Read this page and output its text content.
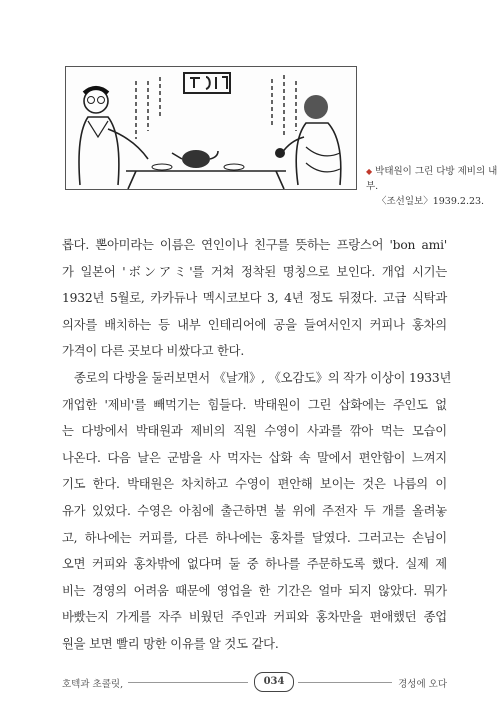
◆ 박태원이 그린 다방 제비의 내부.
〈조선일보〉1939.2.23.
롭다. 뽄아미라는 이름은 연인이나 친구를 뜻하는 프랑스어 'bon ami'
가 일본어 'ボンアミ'를 거쳐 정착된 명칭으로 보인다. 개업 시기는
1932년 5월로, 카카듀나 멕시코보다 3, 4년 정도 뒤졌다. 고급 식탁과
의자를 배치하는 등 내부 인테리어에 공을 들여서인지 커피나 홍차의
가격이 다른 곳보다 비쌌다고 한다.
종로의 다방을 둘러보면서 《날개》, 《오감도》의 작가 이상이 1933년
개업한 '제비'를 빼먹기는 힘들다. 박태원이 그린 삽화에는 주인도 없
는 다방에서 박태원과 제비의 직원 수영이 사과를 깎아 먹는 모습이
나온다. 다음 날은 군밤을 사 먹자는 삽화 속 말에서 편안함이 느껴지
기도 한다. 박태원은 차치하고 수영이 편안해 보이는 것은 나름의 이
유가 있었다. 수영은 아침에 출근하면 불 위에 주전자 두 개를 올려놓
고, 하나에는 커피를, 다른 하나에는 홍차를 달였다. 그러고는 손님이
오면 커피와 홍차밖에 없다며 둘 중 하나를 주문하도록 했다. 실제 제
비는 경영의 어려움 때문에 영업을 한 기간은 얼마 되지 않았다. 뭐가
바빴는지 가게를 자주 비웠던 주인과 커피와 홍차만을 편애했던 종업
원을 보면 빨리 망한 이유를 알 것도 같다.
호텍과 초콜릿,	034	경성에 오다
